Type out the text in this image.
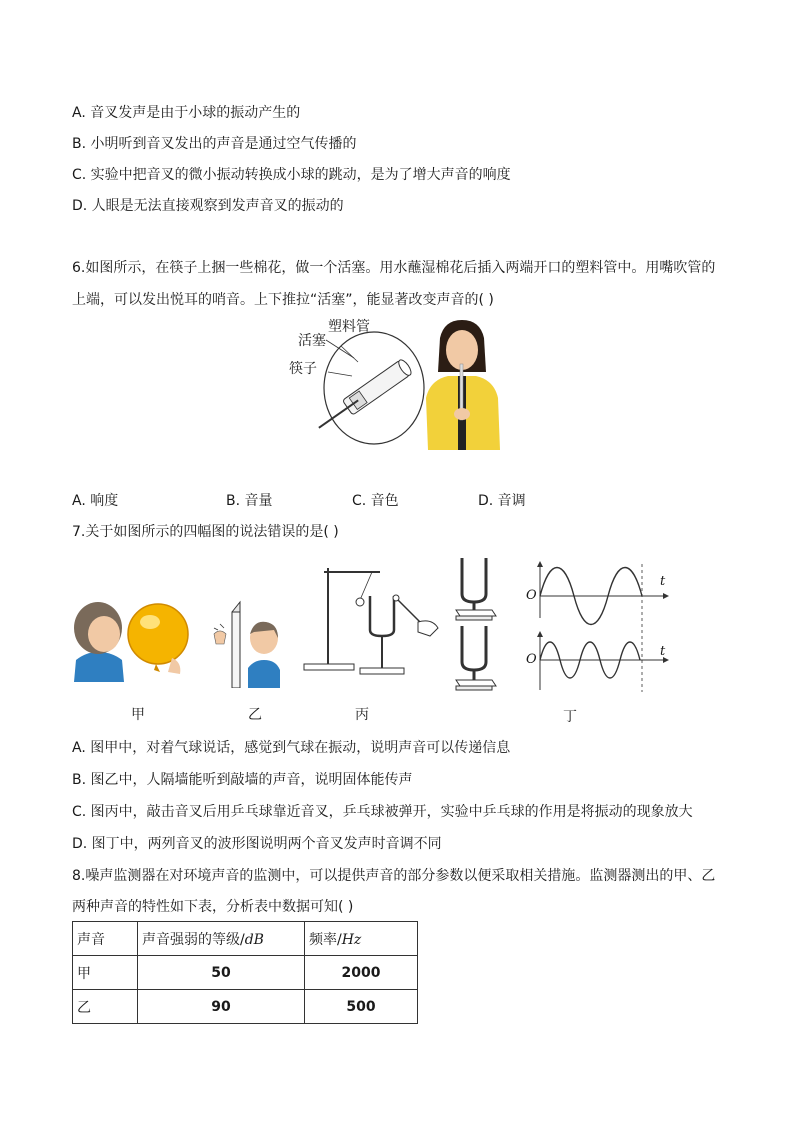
A. 音叉发声是由于小球的振动产生的
B. 小明听到音叉发出的声音是通过空气传播的
C. 实验中把音叉的微小振动转换成小球的跳动，是为了增大声音的响度
D. 人眼是无法直接观察到发声音叉的振动的
6.如图所示，在筷子上捆一些棉花，做一个活塞。用水蘸湿棉花后插入两端开口的塑料管中。用嘴吹管的
上端，可以发出悦耳的哨音。上下推拉“活塞”，能显著改变声音的( )
塑料管
活塞
筷子
A. 响度	B. 音量	C. 音色	D. 音调
7.关于如图所示的四幅图的说法错误的是( )
t
O
t
O
甲	乙	丙	丁
A. 图甲中，对着气球说话，感觉到气球在振动，说明声音可以传递信息
B. 图乙中，人隔墙能听到敲墙的声音，说明固体能传声
C. 图丙中，敲击音叉后用乒乓球靠近音叉，乒乓球被弹开，实验中乒乓球的作用是将振动的现象放大
D. 图丁中，两列音叉的波形图说明两个音叉发声时音调不同
8.噪声监测器在对环境声音的监测中，可以提供声音的部分参数以便采取相关措施。监测器测出的甲、乙
两种声音的特性如下表，分析表中数据可知( )
声音	声音强弱的等级/dB	频率/Hz
甲	50	2000
乙	90	500
